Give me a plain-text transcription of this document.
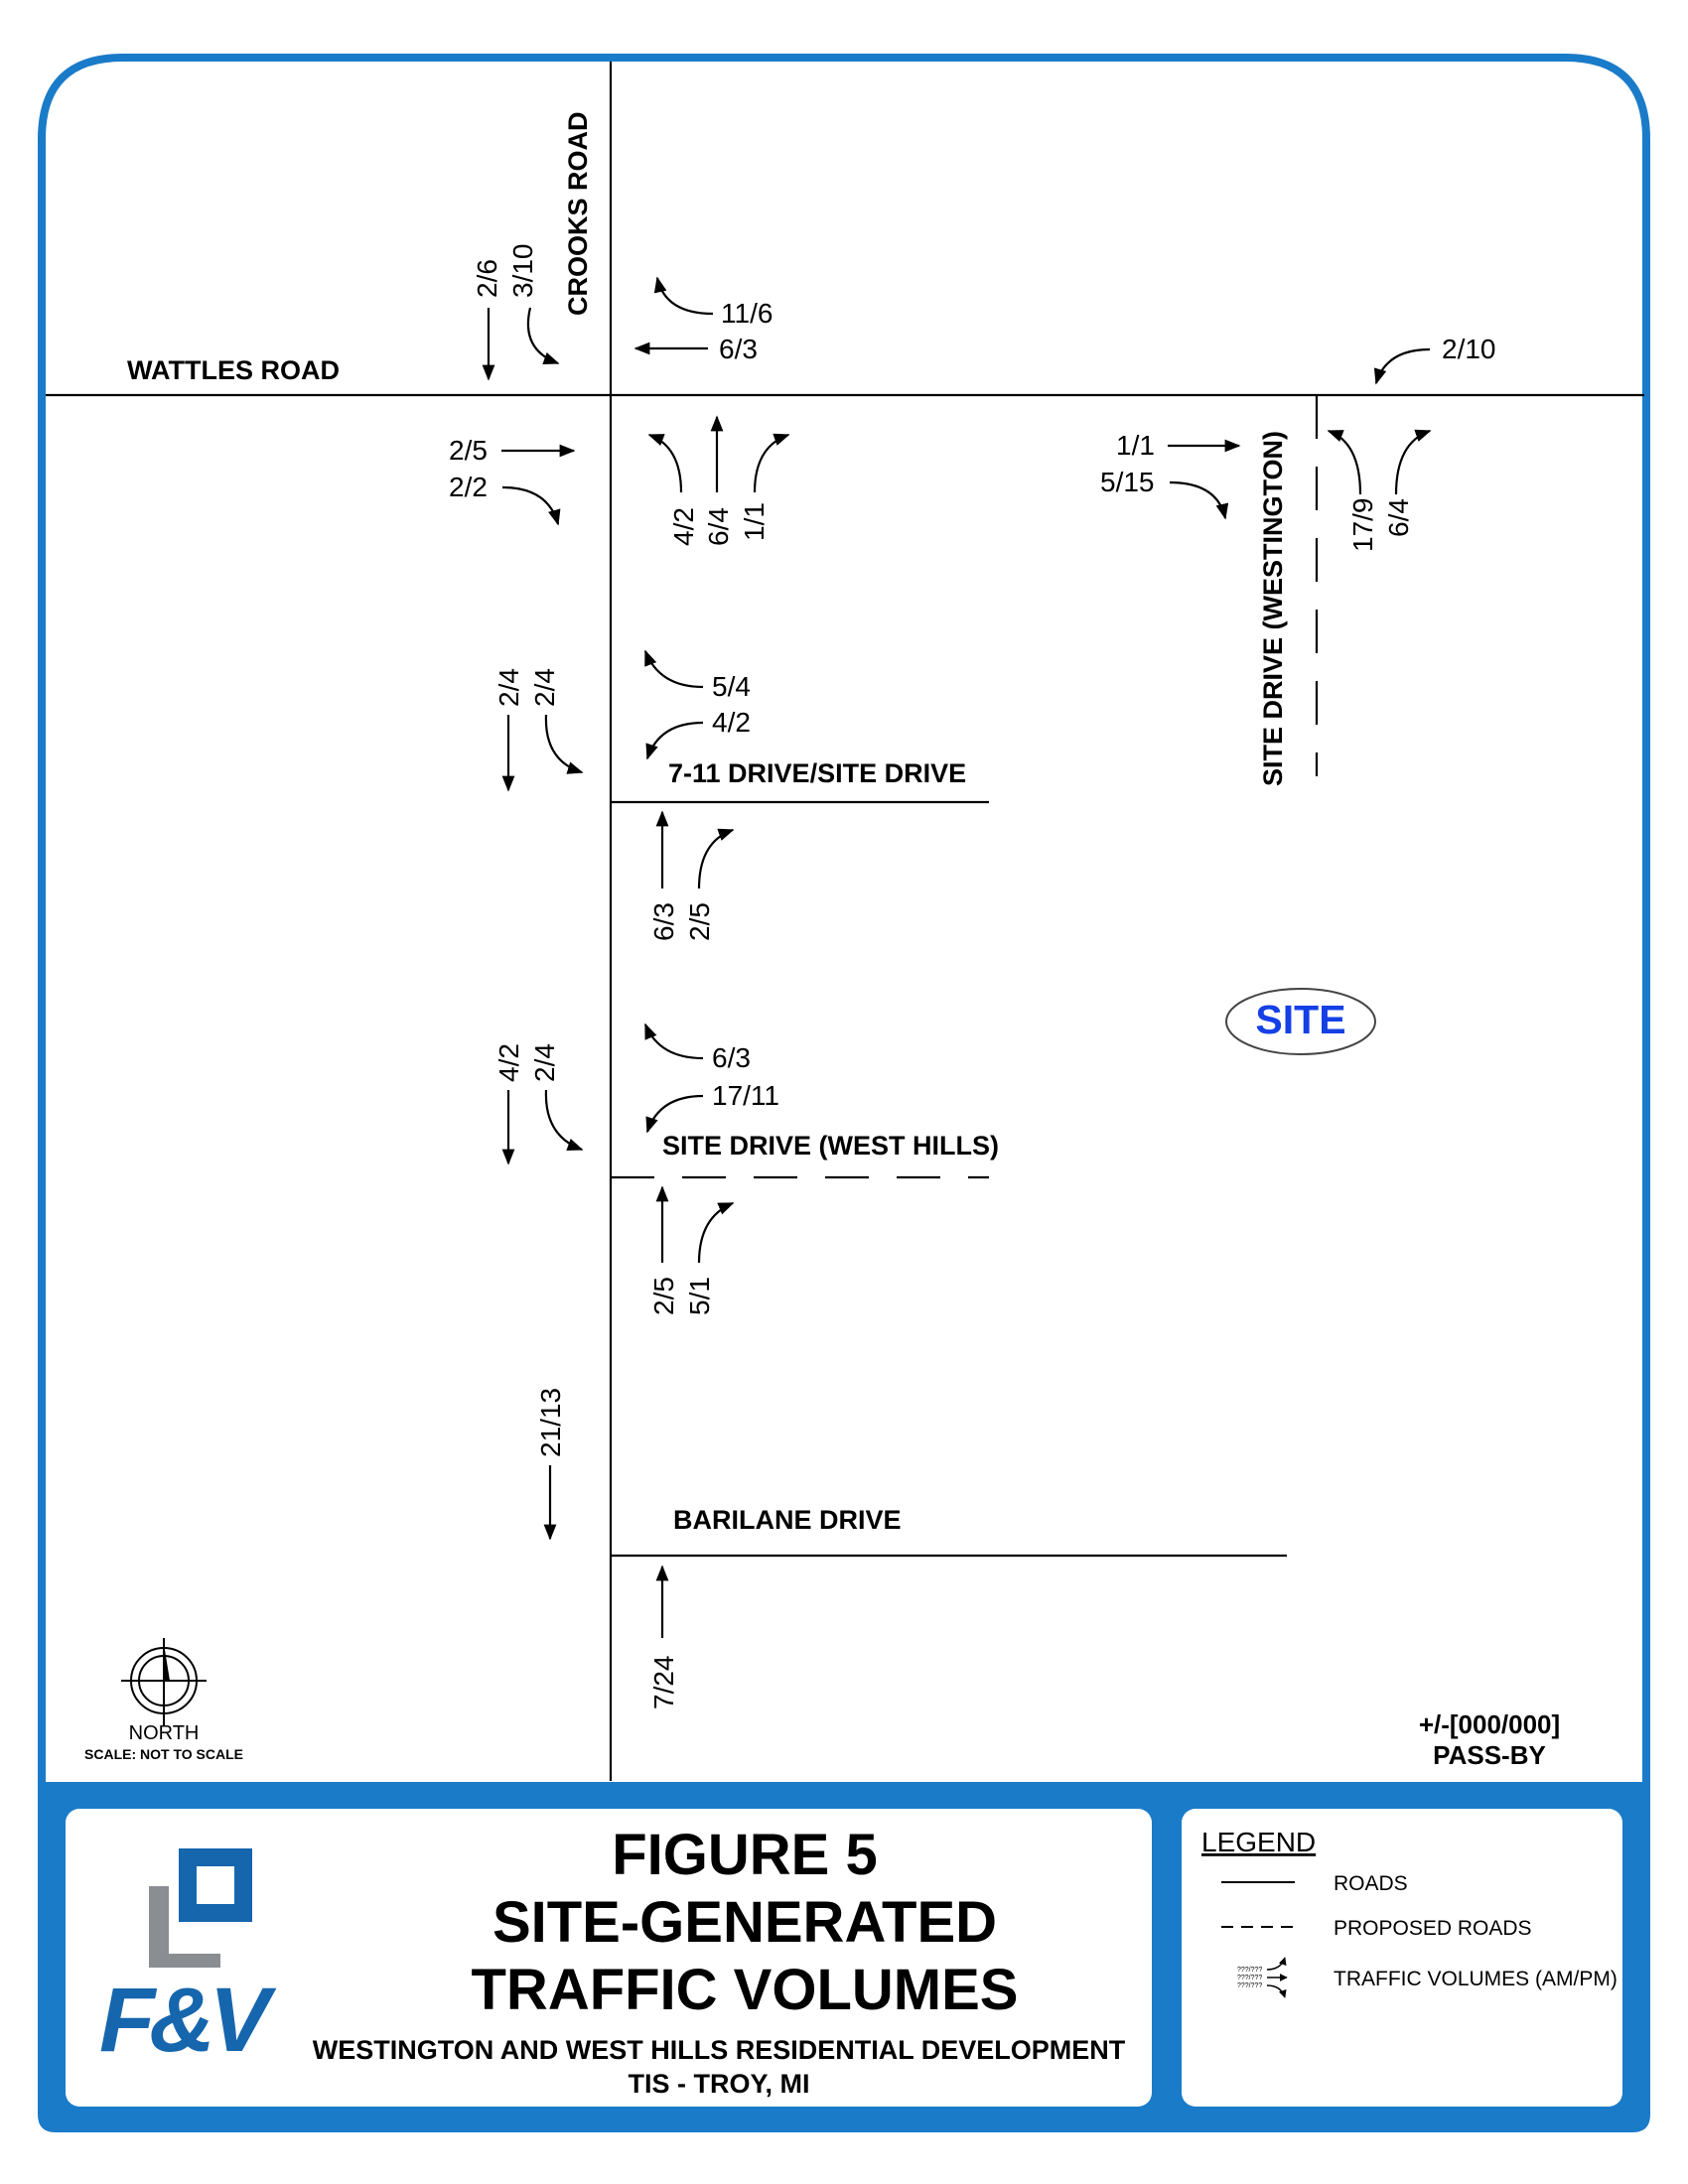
WATTLES ROAD
CROOKS ROAD
SITE DRIVE (WESTINGTON)
7-11 DRIVE/SITE DRIVE
SITE DRIVE (WEST HILLS)
BARILANE DRIVE
2/6 3/10
4/2 6/4 1/1	17/9 6/4
2/4 2/4
6/3 2/5
4/2 2/4
2/5 5/1
21/13
7/24
11/6
6/3
2/5
2/2
2/10
1/1
5/15
5/4
4/2
6/3
17/11
SITE
NORTH
SCALE: NOT TO SCALE
+/-[000/000]
PASS-BY
FIGURE 5
SITE-GENERATED
TRAFFIC VOLUMES
WESTINGTON AND WEST HILLS RESIDENTIAL DEVELOPMENT
TIS - TROY, MI
F&V
LEGEND
ROADS
PROPOSED ROADS
???/???
???/???
???/???	TRAFFIC VOLUMES (AM/PM)
